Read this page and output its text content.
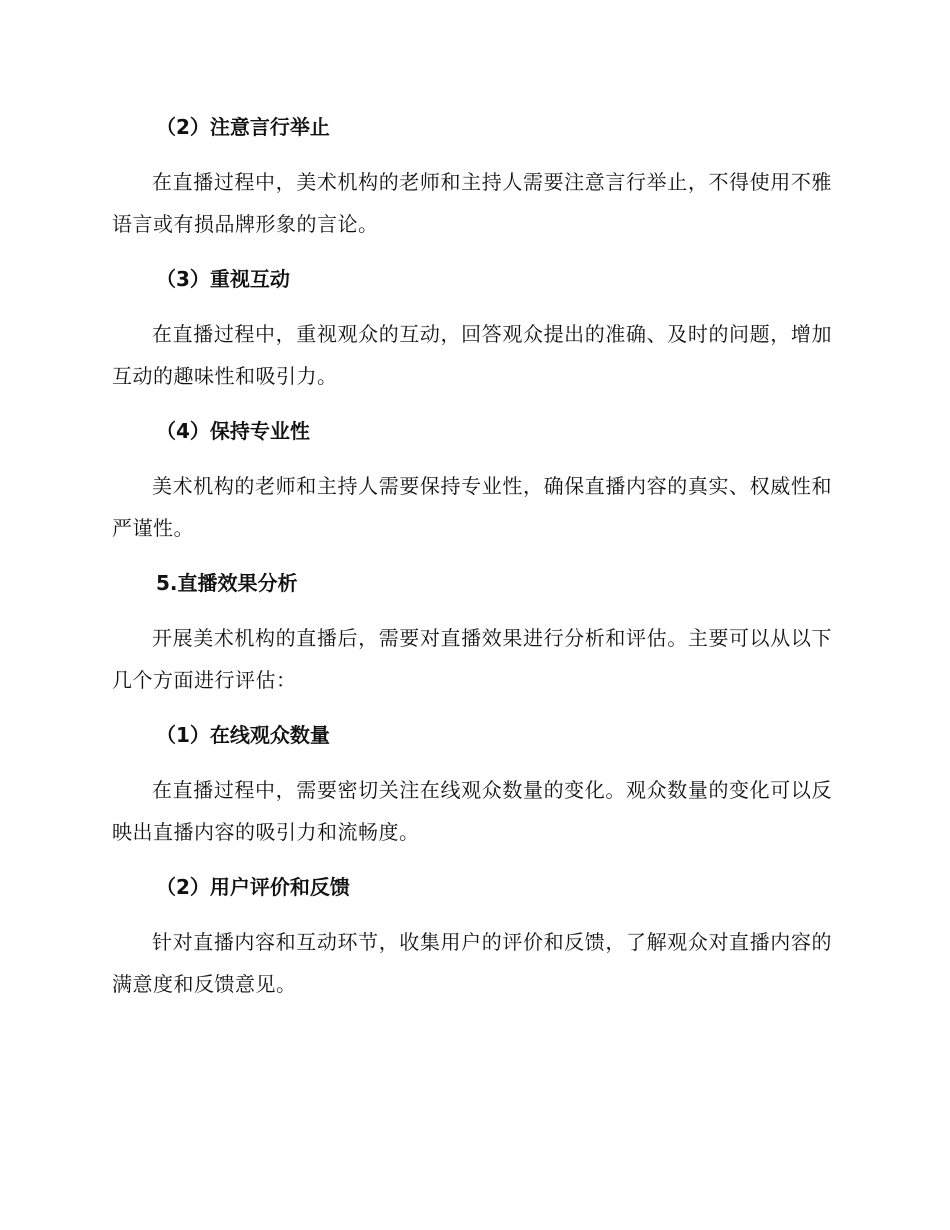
（2）注意言行举止
在直播过程中，美术机构的老师和主持人需要注意言行举止，不得使用不雅语言或有损品牌形象的言论。
（3）重视互动
在直播过程中，重视观众的互动，回答观众提出的准确、及时的问题，增加互动的趣味性和吸引力。
（4）保持专业性
美术机构的老师和主持人需要保持专业性，确保直播内容的真实、权威性和严谨性。
5.直播效果分析
开展美术机构的直播后，需要对直播效果进行分析和评估。主要可以从以下几个方面进行评估：
（1）在线观众数量
在直播过程中，需要密切关注在线观众数量的变化。观众数量的变化可以反映出直播内容的吸引力和流畅度。
（2）用户评价和反馈
针对直播内容和互动环节，收集用户的评价和反馈，了解观众对直播内容的满意度和反馈意见。
